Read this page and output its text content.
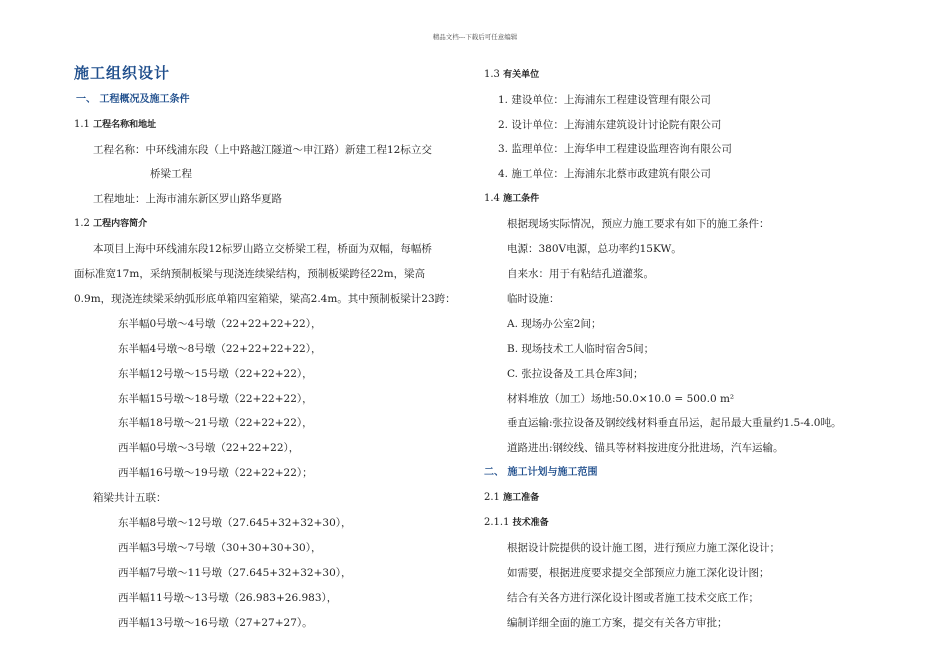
精品文档---下载后可任意编辑
施工组织设计
一、 工程概况及施工条件
1.1 工程名称和地址
工程名称：中环线浦东段（上中路越江隧道～申江路）新建工程12标立交
桥梁工程
工程地址：上海市浦东新区罗山路华夏路
1.2 工程内容简介
本项目上海中环线浦东段12标罗山路立交桥梁工程，桥面为双幅，每幅桥
面标准宽17m，采纳预制板梁与现浇连续梁结构，预制板梁跨径22m，梁高
0.9m，现浇连续梁采纳弧形底单箱四室箱梁，梁高2.4m。其中预制板梁计23跨：
东半幅0号墩～4号墩（22+22+22+22），
东半幅4号墩～8号墩（22+22+22+22），
东半幅12号墩～15号墩（22+22+22），
东半幅15号墩～18号墩（22+22+22），
东半幅18号墩～21号墩（22+22+22），
西半幅0号墩～3号墩（22+22+22），
西半幅16号墩～19号墩（22+22+22）；
箱梁共计五联：
东半幅8号墩～12号墩（27.645+32+32+30），
西半幅3号墩～7号墩（30+30+30+30），
西半幅7号墩～11号墩（27.645+32+32+30），
西半幅11号墩～13号墩（26.983+26.983），
西半幅13号墩～16号墩（27+27+27）。
1.3 有关单位
1. 建设单位：上海浦东工程建设管理有限公司
2. 设计单位：上海浦东建筑设计讨论院有限公司
3. 监理单位：上海华申工程建设监理咨询有限公司
4. 施工单位：上海浦东北蔡市政建筑有限公司
1.4 施工条件
根据现场实际情况，预应力施工要求有如下的施工条件：
电源：380V电源，总功率约15KW。
自来水：用于有粘结孔道灌浆。
临时设施：
A. 现场办公室2间；
B. 现场技术工人临时宿舍5间；
C. 张拉设备及工具仓库3间；
材料堆放（加工）场地:50.0×10.0 = 500.0 m²
垂直运输:张拉设备及钢绞线材料垂直吊运，起吊最大重量约1.5-4.0吨。
道路进出:钢绞线、锚具等材料按进度分批进场，汽车运输。
二、 施工计划与施工范围
2.1 施工准备
2.1.1 技术准备
根据设计院提供的设计施工图，进行预应力施工深化设计；
如需要，根据进度要求提交全部预应力施工深化设计图；
结合有关各方进行深化设计图或者施工技术交底工作；
编制详细全面的施工方案，提交有关各方审批；
